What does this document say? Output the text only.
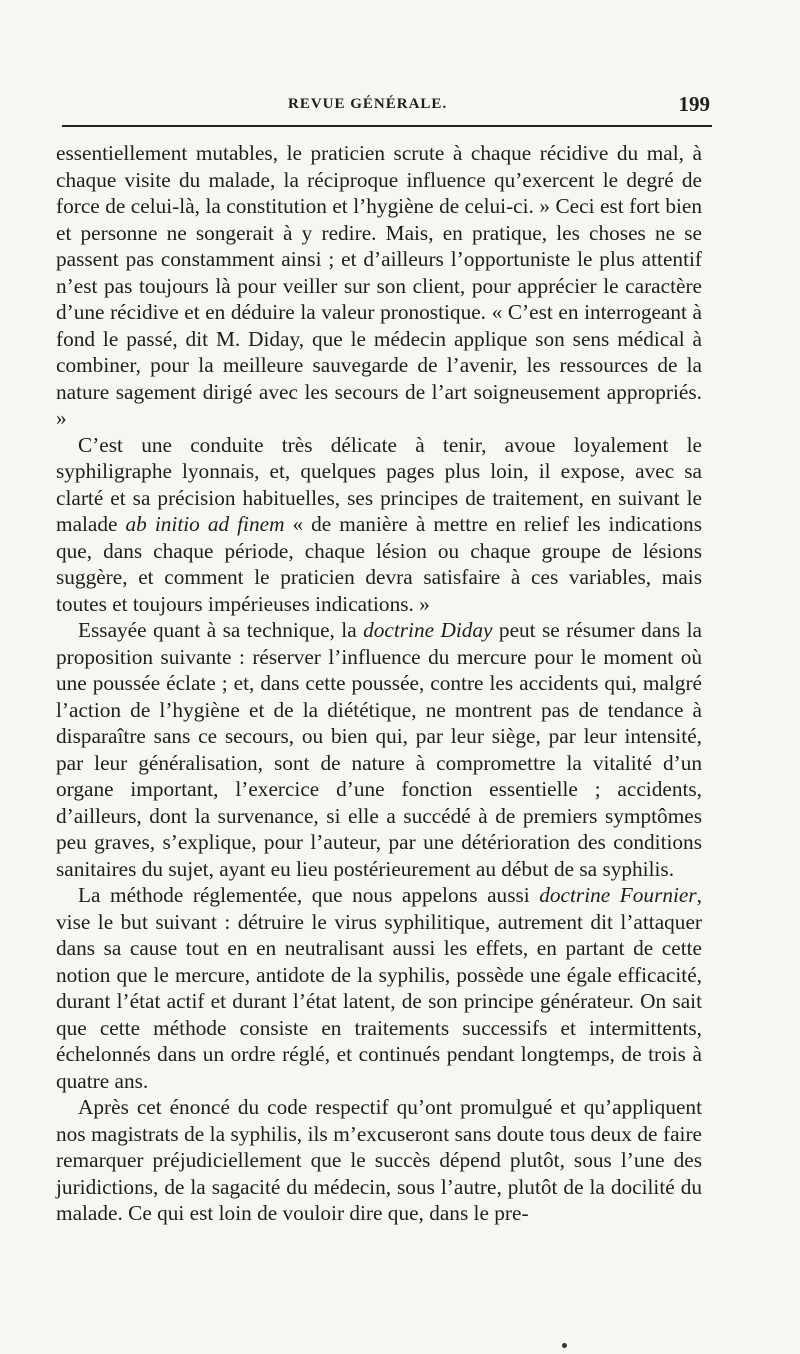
REVUE GÉNÉRALE.	199

essentiellement mutables, le praticien scrute à chaque récidive du mal, à chaque visite du malade, la réciproque influence qu’exercent le degré de force de celui-là, la constitution et l’hygiène de celui-ci. » Ceci est fort bien et personne ne songerait à y redire. Mais, en pratique, les choses ne se passent pas constamment ainsi ; et d’ailleurs l’opportuniste le plus attentif n’est pas toujours là pour veiller sur son client, pour apprécier le caractère d’une récidive et en déduire la valeur pronostique. « C’est en interrogeant à fond le passé, dit M. Diday, que le médecin applique son sens médical à combiner, pour la meilleure sauvegarde de l’avenir, les ressources de la nature sagement dirigé avec les secours de l’art soigneusement appropriés. »

C’est une conduite très délicate à tenir, avoue loyalement le syphiligraphe lyonnais, et, quelques pages plus loin, il expose, avec sa clarté et sa précision habituelles, ses principes de traitement, en suivant le malade ab initio ad finem « de manière à mettre en relief les indications que, dans chaque période, chaque lésion ou chaque groupe de lésions suggère, et comment le praticien devra satisfaire à ces variables, mais toutes et toujours impérieuses indications. »

Essayée quant à sa technique, la doctrine Diday peut se résumer dans la proposition suivante : réserver l’influence du mercure pour le moment où une poussée éclate ; et, dans cette poussée, contre les accidents qui, malgré l’action de l’hygiène et de la diététique, ne montrent pas de tendance à disparaître sans ce secours, ou bien qui, par leur siège, par leur intensité, par leur généralisation, sont de nature à compromettre la vitalité d’un organe important, l’exercice d’une fonction essentielle ; accidents, d’ailleurs, dont la survenance, si elle a succédé à de premiers symptômes peu graves, s’explique, pour l’auteur, par une détérioration des conditions sanitaires du sujet, ayant eu lieu postérieurement au début de sa syphilis.

La méthode réglementée, que nous appelons aussi doctrine Fournier, vise le but suivant : détruire le virus syphilitique, autrement dit l’attaquer dans sa cause tout en en neutralisant aussi les effets, en partant de cette notion que le mercure, antidote de la syphilis, possède une égale efficacité, durant l’état actif et durant l’état latent, de son principe générateur. On sait que cette méthode consiste en traitements successifs et intermittents, échelonnés dans un ordre réglé, et continués pendant longtemps, de trois à quatre ans.

Après cet énoncé du code respectif qu’ont promulgué et qu’appliquent nos magistrats de la syphilis, ils m’excuseront sans doute tous deux de faire remarquer préjudiciellement que le succès dépend plutôt, sous l’une des juridictions, de la sagacité du médecin, sous l’autre, plutôt de la docilité du malade. Ce qui est loin de vouloir dire que, dans le pre-
